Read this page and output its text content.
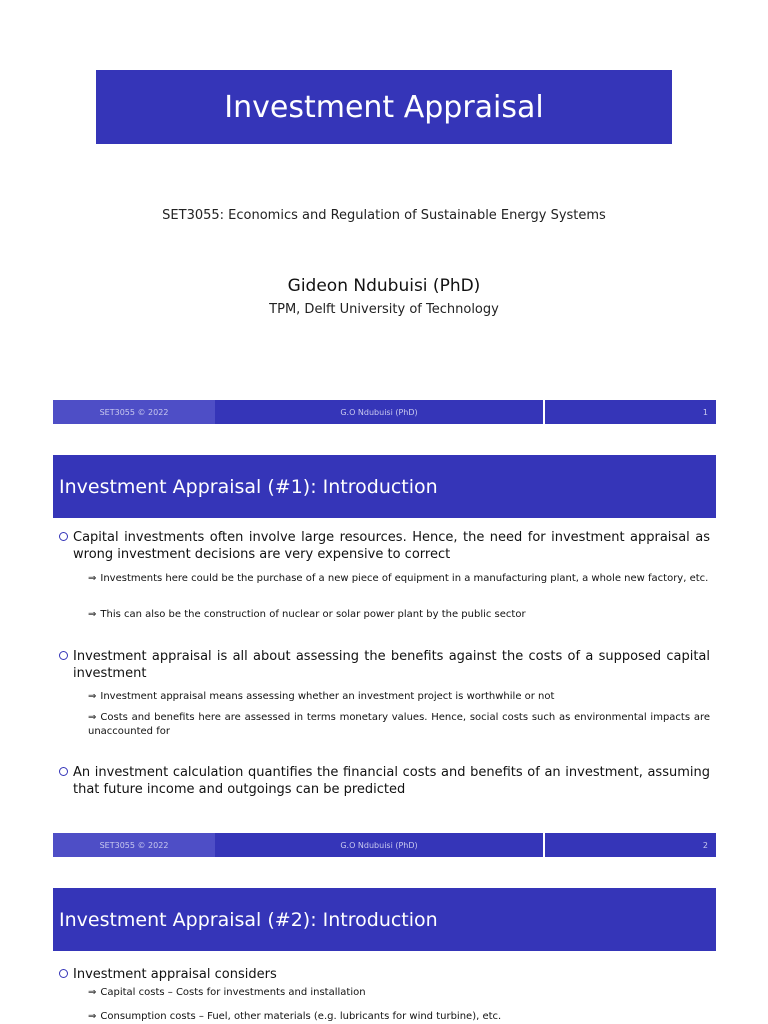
Investment Appraisal
SET3055: Economics and Regulation of Sustainable Energy Systems
Gideon Ndubuisi (PhD)
TPM, Delft University of Technology
SET3055 © 2022	G.O Ndubuisi (PhD)	1
Investment Appraisal (#1): Introduction
Capital investments often involve large resources. Hence, the need for investment appraisal as wrong investment decisions are very expensive to correct
⇒ Investments here could be the purchase of a new piece of equipment in a manufacturing plant, a whole new factory, etc.
⇒ This can also be the construction of nuclear or solar power plant by the public sector
Investment appraisal is all about assessing the benefits against the costs of a supposed capital investment
⇒ Investment appraisal means assessing whether an investment project is worthwhile or not
⇒ Costs and benefits here are assessed in terms monetary values. Hence, social costs such as environmental impacts are unaccounted for
An investment calculation quantifies the financial costs and benefits of an investment, assuming that future income and outgoings can be predicted
SET3055 © 2022	G.O Ndubuisi (PhD)	2
Investment Appraisal (#2): Introduction
Investment appraisal considers
⇒ Capital costs – Costs for investments and installation
⇒ Consumption costs – Fuel, other materials (e.g. lubricants for wind turbine), etc.
